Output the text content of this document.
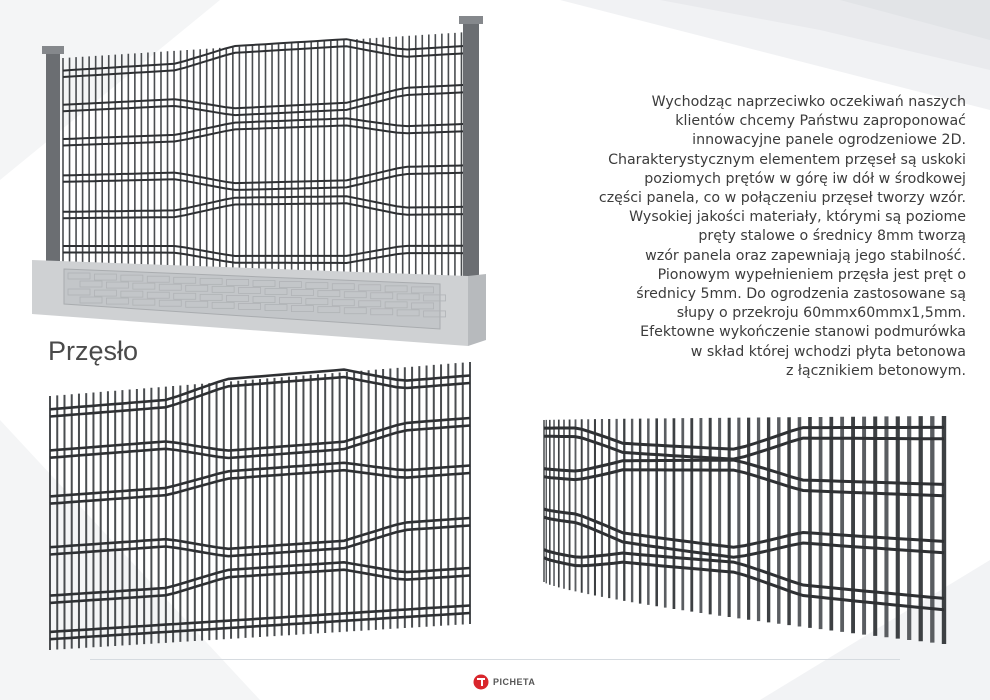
Przęsło

Wychodząc naprzeciwko oczekiwań naszych

klientów chcemy Państwu zaproponować

innowacyjne panele ogrodzeniowe 2D.

Charakterystycznym elementem przęseł są uskoki

poziomych prętów w górę iw dół w środkowej

części panela, co w połączeniu przęseł tworzy wzór.

Wysokiej jakości materiały, którymi są poziome

pręty stalowe o średnicy 8mm tworzą

wzór panela oraz zapewniają jego stabilność.

Pionowym wypełnieniem przęsła jest pręt o

średnicy 5mm. Do ogrodzenia zastosowane są

słupy o przekroju 60mmx60mmx1,5mm.

Efektowne wykończenie stanowi podmurówka

w skład której wchodzi płyta betonowa

z łącznikiem betonowym.

PICHETA
